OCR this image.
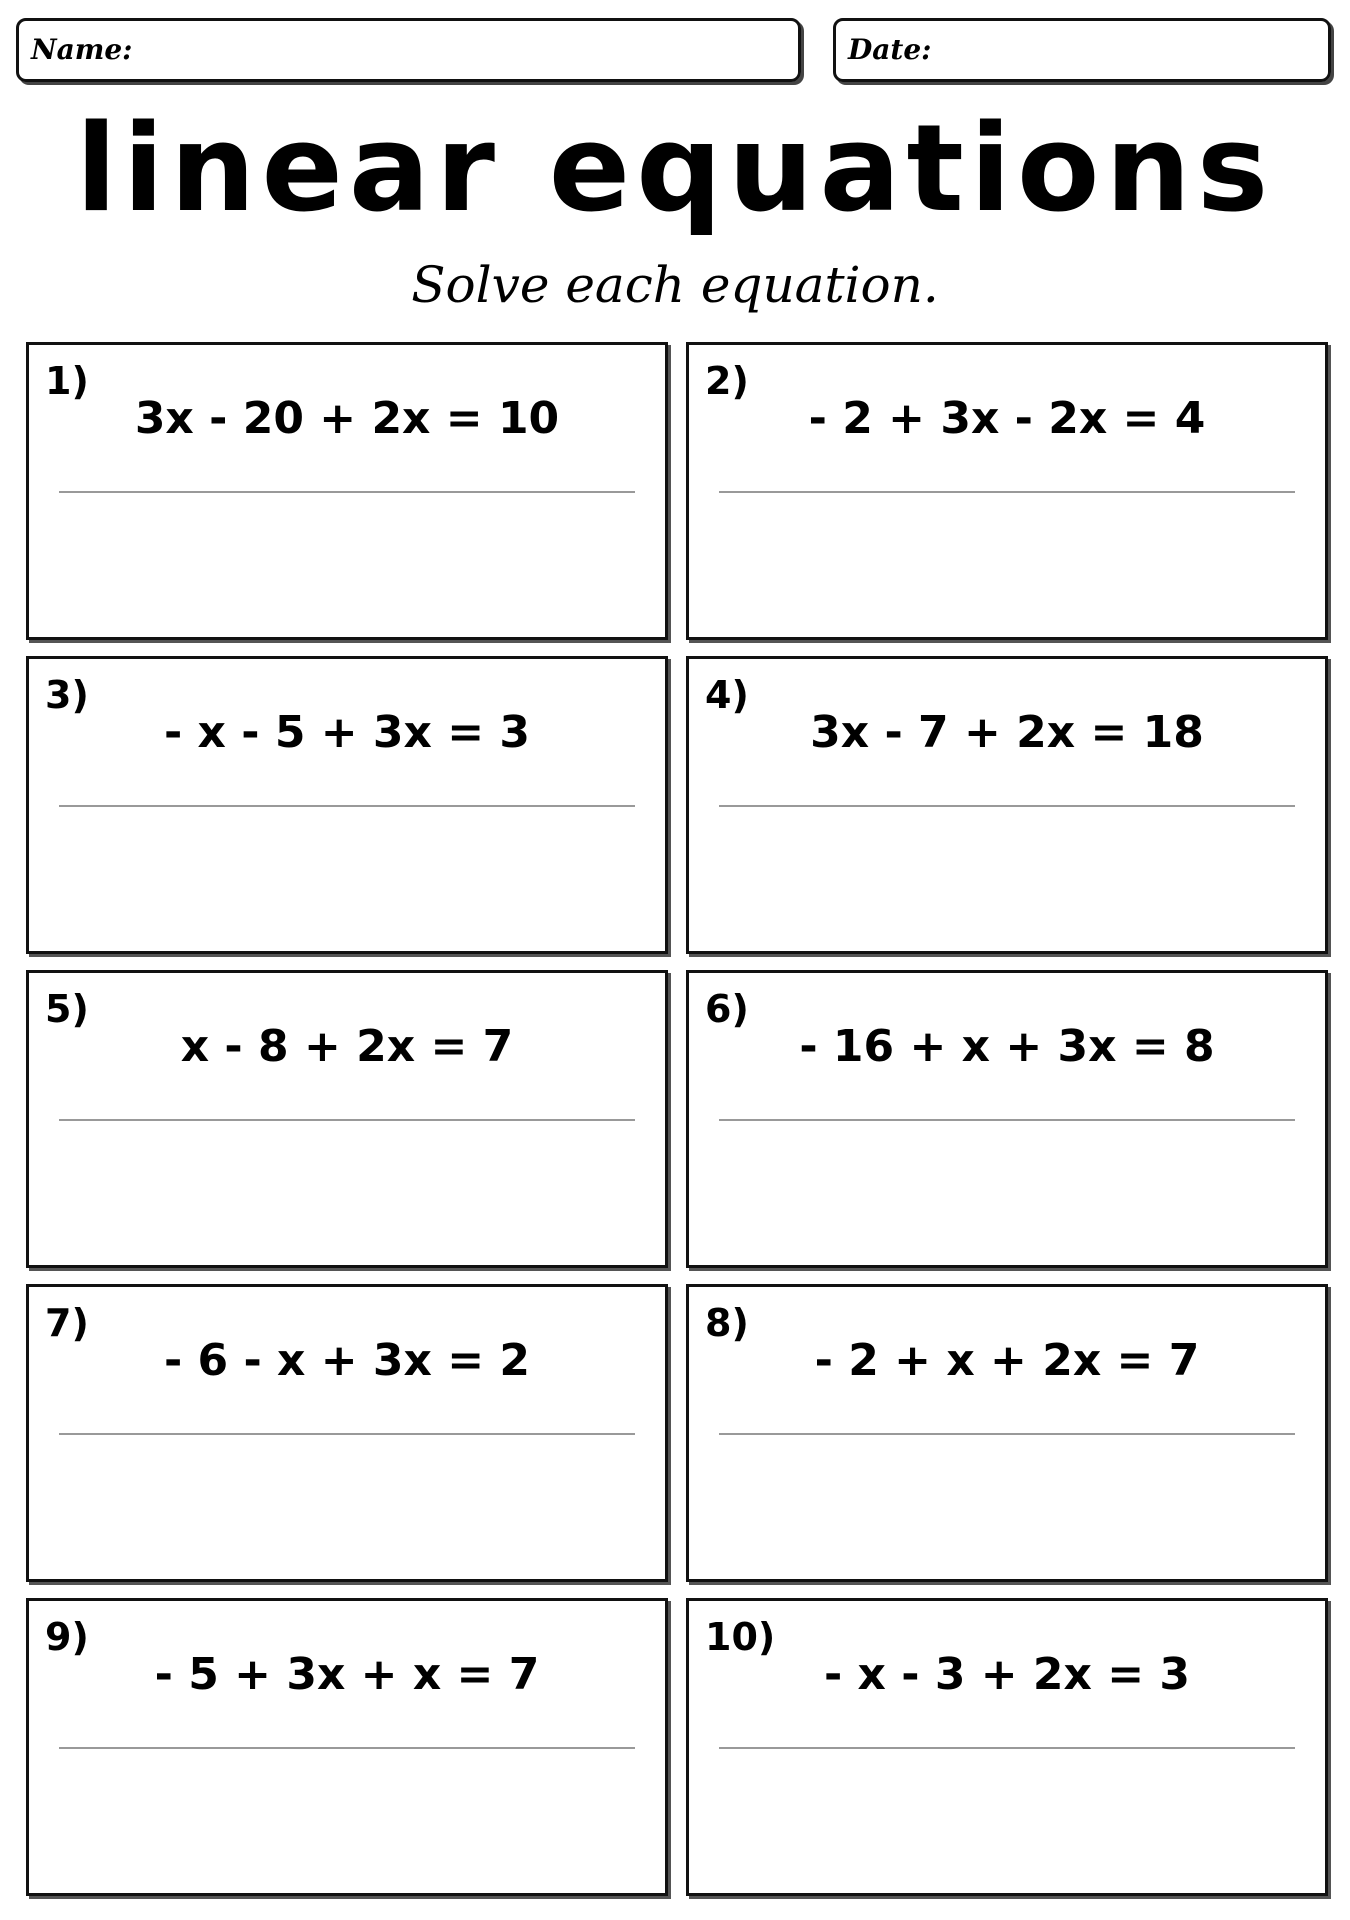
Name:	Date:
linear equations
Solve each equation.
1)
3x - 20 + 2x = 10
2)
- 2 + 3x - 2x = 4
3)
- x - 5 + 3x = 3
4)
3x - 7 + 2x = 18
5)
x - 8 + 2x = 7
6)
- 16 + x + 3x = 8
7)
- 6 - x + 3x = 2
8)
- 2 + x + 2x = 7
9)
- 5 + 3x + x = 7
10)
- x - 3 + 2x = 3
